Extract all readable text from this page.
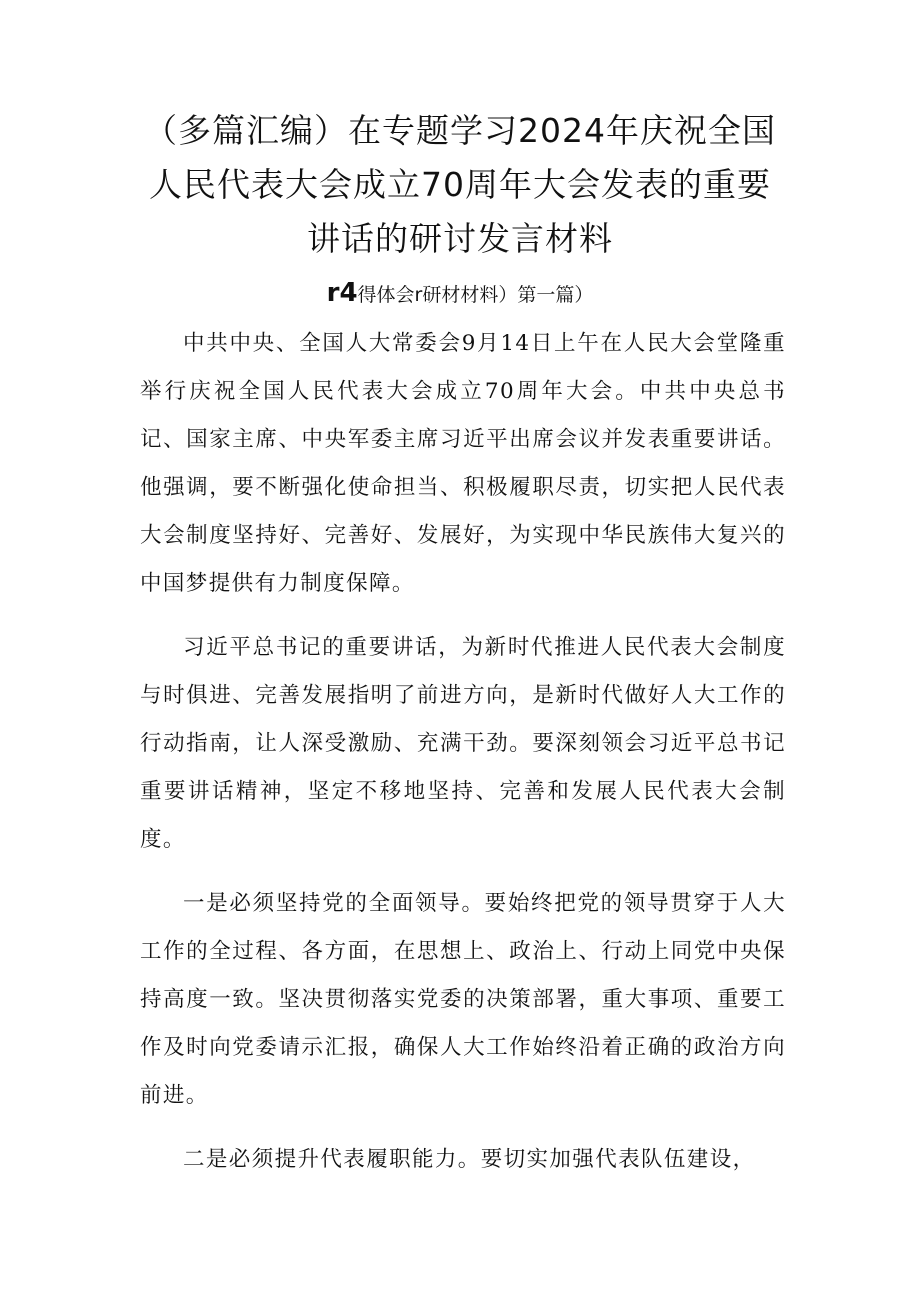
（多篇汇编）在专题学习2024年庆祝全国
人民代表大会成立70周年大会发表的重要
讲话的研讨发言材料
r4得体会r研材材料）第一篇）

中共中央、全国人大常委会9月14日上午在人民大会堂隆重举行庆祝全国人民代表大会成立70周年大会。中共中央总书记、国家主席、中央军委主席习近平出席会议并发表重要讲话。他强调，要不断强化使命担当、积极履职尽责，切实把人民代表大会制度坚持好、完善好、发展好，为实现中华民族伟大复兴的中国梦提供有力制度保障。

习近平总书记的重要讲话，为新时代推进人民代表大会制度与时俱进、完善发展指明了前进方向，是新时代做好人大工作的行动指南，让人深受激励、充满干劲。要深刻领会习近平总书记重要讲话精神，坚定不移地坚持、完善和发展人民代表大会制度。

一是必须坚持党的全面领导。要始终把党的领导贯穿于人大工作的全过程、各方面，在思想上、政治上、行动上同党中央保持高度一致。坚决贯彻落实党委的决策部署，重大事项、重要工作及时向党委请示汇报，确保人大工作始终沿着正确的政治方向前进。

二是必须提升代表履职能力。要切实加强代表队伍建设，
